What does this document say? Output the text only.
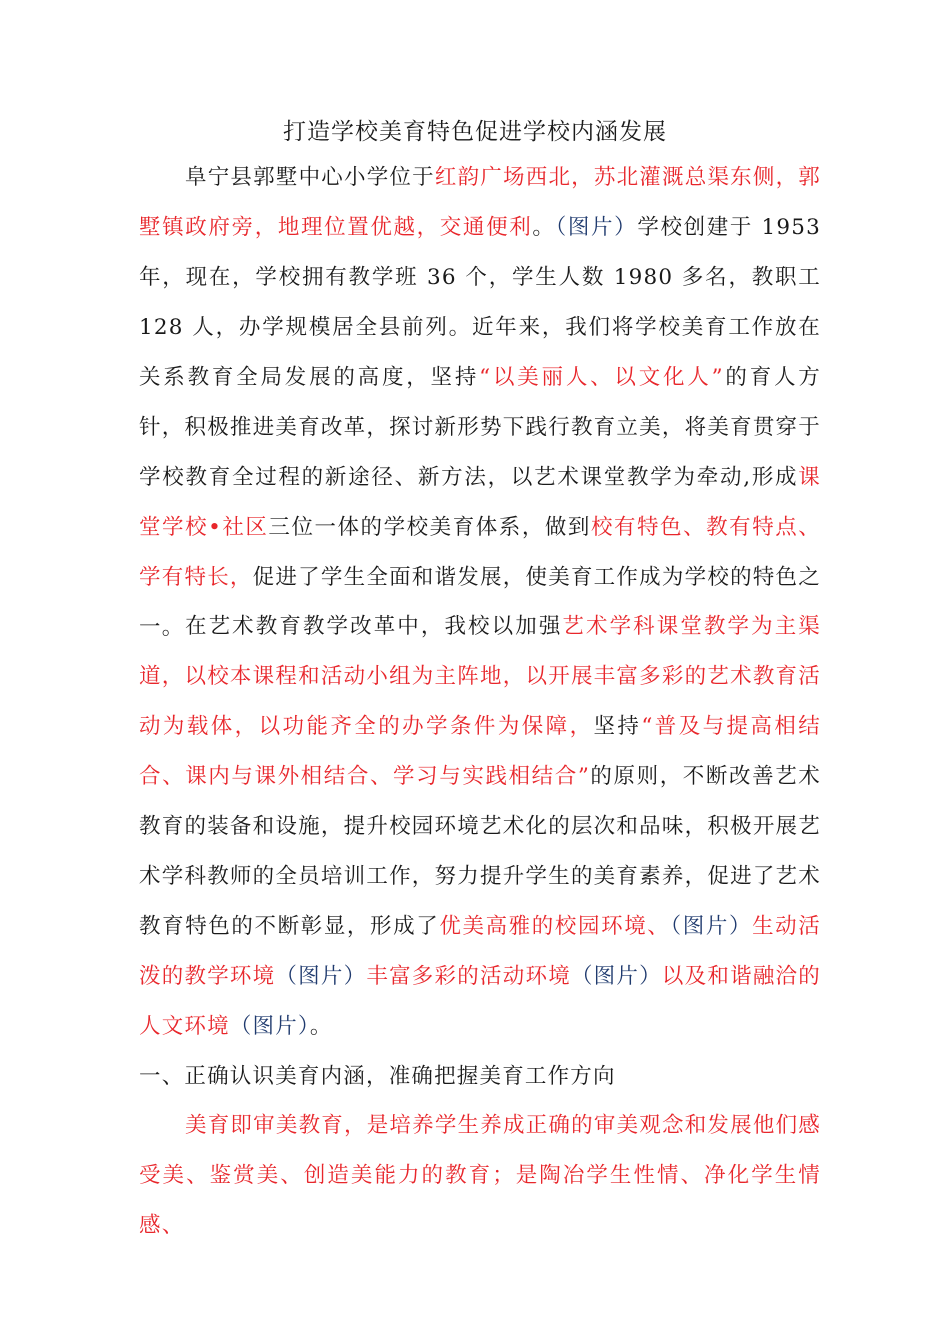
打造学校美育特色促进学校内涵发展

阜宁县郭墅中心小学位于红韵广场西北，苏北灌溉总渠东侧，郭墅镇政府旁，地理位置优越，交通便利。（图片）学校创建于 1953 年，现在，学校拥有教学班 36 个，学生人数 1980 多名，教职工 128 人，办学规模居全县前列。近年来，我们将学校美育工作放在关系教育全局发展的高度，坚持“以美丽人、以文化人”的育人方针，积极推进美育改革，探讨新形势下践行教育立美，将美育贯穿于学校教育全过程的新途径、新方法，以艺术课堂教学为牵动,形成课堂学校•社区三位一体的学校美育体系，做到校有特色、教有特点、学有特长，促进了学生全面和谐发展，使美育工作成为学校的特色之一。 在艺术教育教学改革中，我校以加强艺术学科课堂教学为主渠道，以校本课程和活动小组为主阵地，以开展丰富多彩的艺术教育活动为载体，以功能齐全的办学条件为保障，坚持“普及与提高相结合、课内与课外相结合、学习与实践相结合”的原则，不断改善艺术教育的装备和设施，提升校园环境艺术化的层次和品味，积极开展艺术学科教师的全员培训工作，努力提升学生的美育素养，促进了艺术教育特色的不断彰显，形成了优美高雅的校园环境、（图片）生动活泼的教学环境（图片）丰富多彩的活动环境（图片）以及和谐融洽的人文环境（图片）。

一、正确认识美育内涵，准确把握美育工作方向

美育即审美教育，是培养学生养成正确的审美观念和发展他们感受美、鉴赏美、创造美能力的教育；是陶冶学生性情、净化学生情感、
